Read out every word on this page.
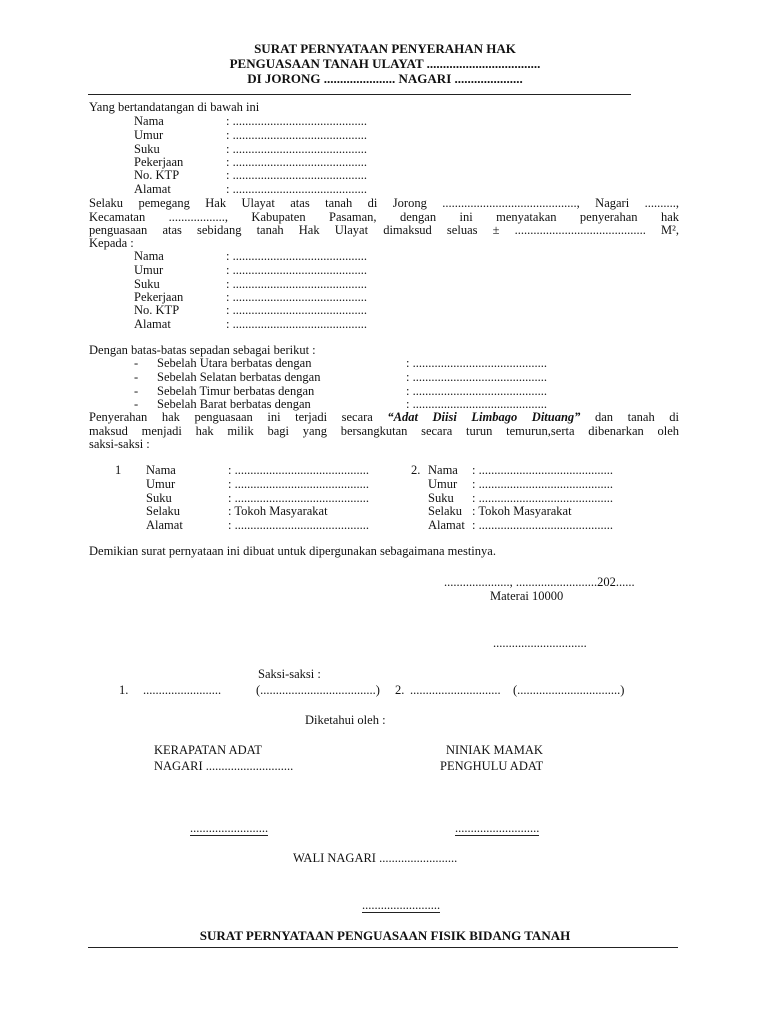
SURAT PERNYATAAN PENYERAHAN HAK
PENGUASAAN TANAH ULAYAT ...................................
DI JORONG ...................... NAGARI .....................
Yang bertandatangan di bawah ini
Nama	: ...........................................
Umur	: ...........................................
Suku	: ...........................................
Pekerjaan	: ...........................................
No. KTP	: ...........................................
Alamat	: ...........................................
Selaku pemegang Hak Ulayat atas tanah di Jorong ..........................................., Nagari ..........,
Kecamatan .................., Kabupaten Pasaman, dengan ini menyatakan penyerahan hak
penguasaan atas sebidang tanah Hak Ulayat dimaksud seluas ± .......................................... M²,
Kepada :
Nama	: ...........................................
Umur	: ...........................................
Suku	: ...........................................
Pekerjaan	: ...........................................
No. KTP	: ...........................................
Alamat	: ...........................................
Dengan batas-batas sepadan sebagai berikut :
- Sebelah Utara berbatas dengan	: ...........................................
- Sebelah Selatan berbatas dengan	: ...........................................
- Sebelah Timur berbatas dengan	: ...........................................
- Sebelah Barat berbatas dengan	: ...........................................
Penyerahan hak penguasaan ini terjadi secara “Adat Diisi Limbago Dituang” dan tanah di
maksud menjadi hak milik bagi yang bersangkutan secara turun temurun,serta dibenarkan oleh
saksi-saksi :
1 Nama	: ...........................................
Umur	: ...........................................
Suku	: ...........................................
Selaku	: Tokoh Masyarakat
Alamat	: ...........................................
2. Nama : ...........................................
Umur : ...........................................
Suku : ...........................................
Selaku : Tokoh Masyarakat
Alamat : ...........................................
Demikian surat pernyataan ini dibuat untuk dipergunakan sebagaimana mestinya.
....................., ..........................202......
Materai 10000
..............................
Saksi-saksi :
1. .........................	(.....................................) 2. ............................. (.................................)
Diketahui oleh :
KERAPATAN ADAT
NAGARI ............................
NINIAK MAMAK
PENGHULU ADAT
.........................	...........................
WALI NAGARI .........................
.........................
SURAT PERNYATAAN PENGUASAAN FISIK BIDANG TANAH
